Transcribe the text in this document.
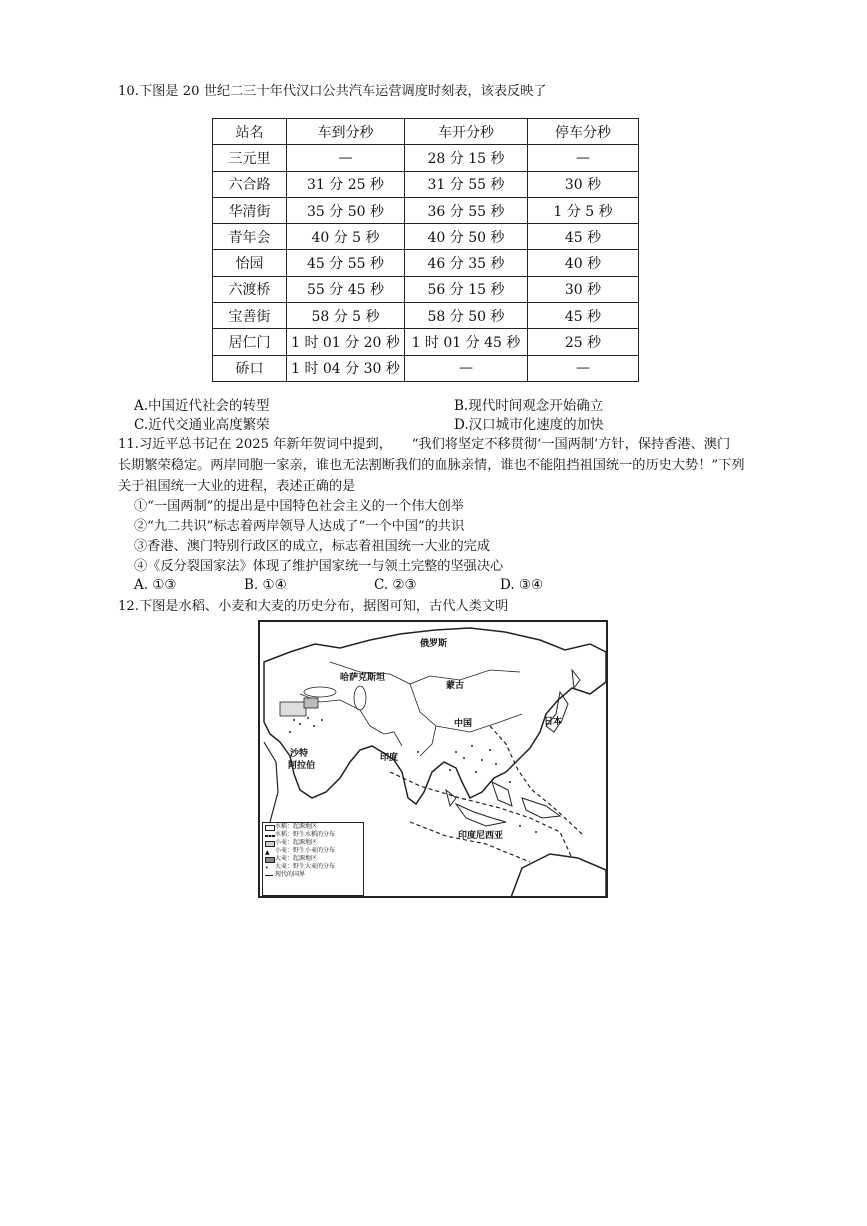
10.下图是 20 世纪二三十年代汉口公共汽车运营调度时刻表，该表反映了
站名	车到分秒	车开分秒	停车分秒
三元里	—	28 分 15 秒	—
六合路	31 分 25 秒	31 分 55 秒	30 秒
华清街	35 分 50 秒	36 分 55 秒	1 分 5 秒
青年会	40 分 5 秒	40 分 50 秒	45 秒
怡园	45 分 55 秒	46 分 35 秒	40 秒
六渡桥	55 分 45 秒	56 分 15 秒	30 秒
宝善街	58 分 5 秒	58 分 50 秒	45 秒
居仁门	1 时 01 分 20 秒	1 时 01 分 45 秒	25 秒
硚口	1 时 04 分 30 秒	—	—
A.中国近代社会的转型	B.现代时间观念开始确立
C.近代交通业高度繁荣	D.汉口城市化速度的加快
11.习近平总书记在 2025 年新年贺词中提到，　　“我们将坚定不移贯彻‘一国两制’方针，保持香港、澳门
长期繁荣稳定。两岸同胞一家亲，谁也无法割断我们的血脉亲情，谁也不能阻挡祖国统一的历史大势！”下列
关于祖国统一大业的进程，表述正确的是
①“一国两制”的提出是中国特色社会主义的一个伟大创举
②“九二共识”标志着两岸领导人达成了“一个中国”的共识
③香港、澳门特别行政区的成立，标志着祖国统一大业的完成
④《反分裂国家法》体现了维护国家统一与领土完整的坚强决心
A. ①③	B. ①④	C. ②③	D. ③④
12.下图是水稻、小麦和大麦的历史分布，据图可知，古代人类文明
俄罗斯
哈萨克斯坦
蒙古
中国	日本
沙特
阿拉伯
印度
印度尼西亚
水稻：起源地区
水稻：野生水稻的分布
小麦：起源地区
▲ 小麦：野生小麦的分布
大麦：起源地区
•	大麦：野生大麦的分布
现代的国界
